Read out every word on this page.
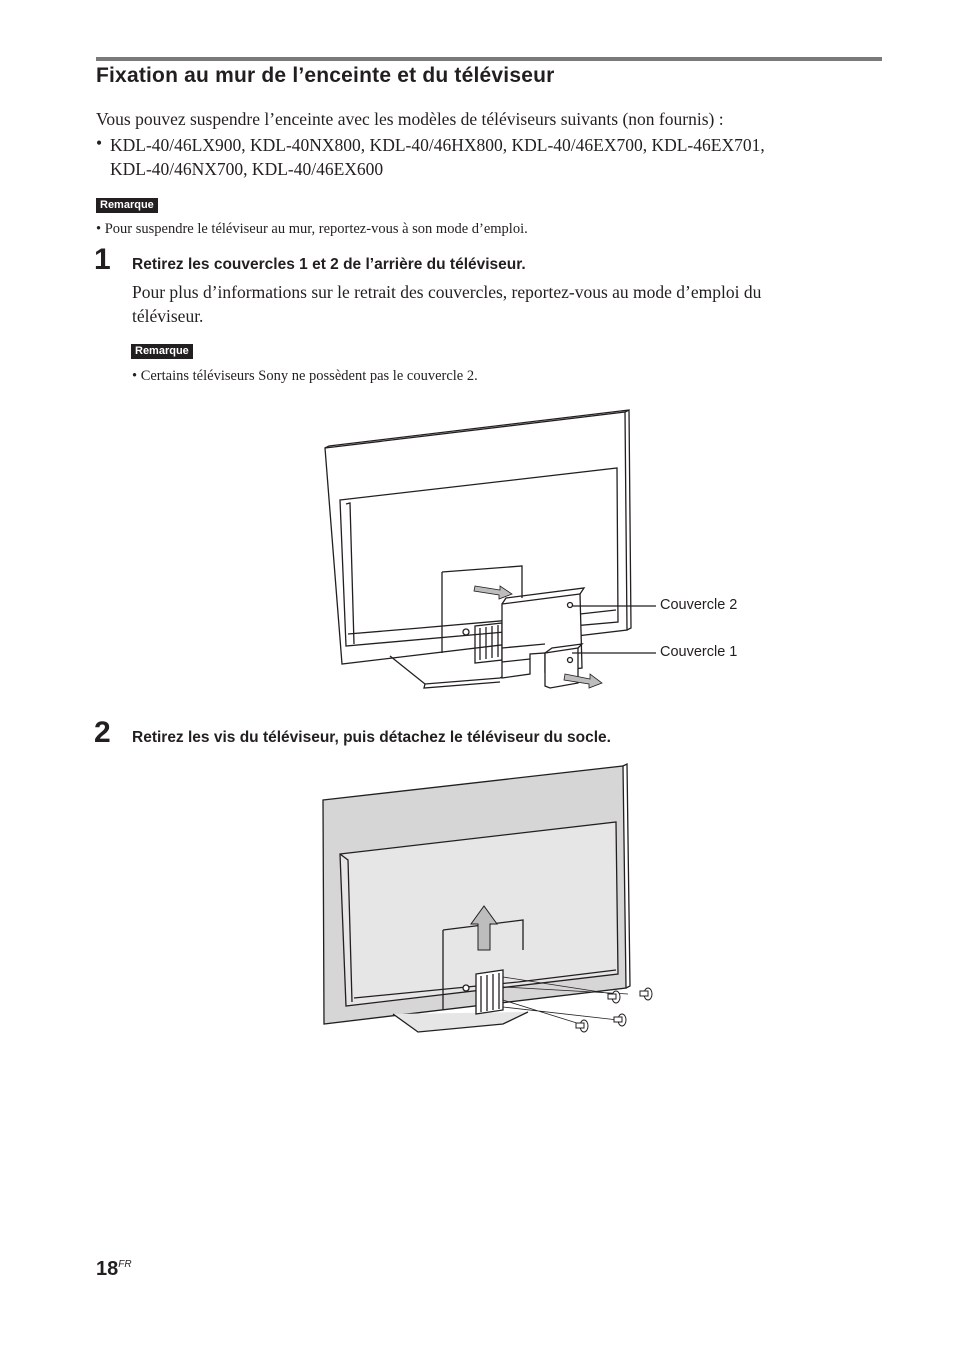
Fixation au mur de l’enceinte et du téléviseur
Vous pouvez suspendre l’enceinte avec les modèles de téléviseurs suivants (non fournis) :
• KDL-40/46LX900, KDL-40NX800, KDL-40/46HX800, KDL-40/46EX700, KDL-46EX701,
KDL-40/46NX700, KDL-40/46EX600
Remarque
• Pour suspendre le téléviseur au mur, reportez-vous à son mode d’emploi.
1 Retirez les couvercles 1 et 2 de l’arrière du téléviseur.
Pour plus d’informations sur le retrait des couvercles, reportez-vous au mode d’emploi du
téléviseur.
Remarque
• Certains téléviseurs Sony ne possèdent pas le couvercle 2.
Couvercle 2
Couvercle 1
2 Retirez les vis du téléviseur, puis détachez le téléviseur du socle.
$18^{FR}$
